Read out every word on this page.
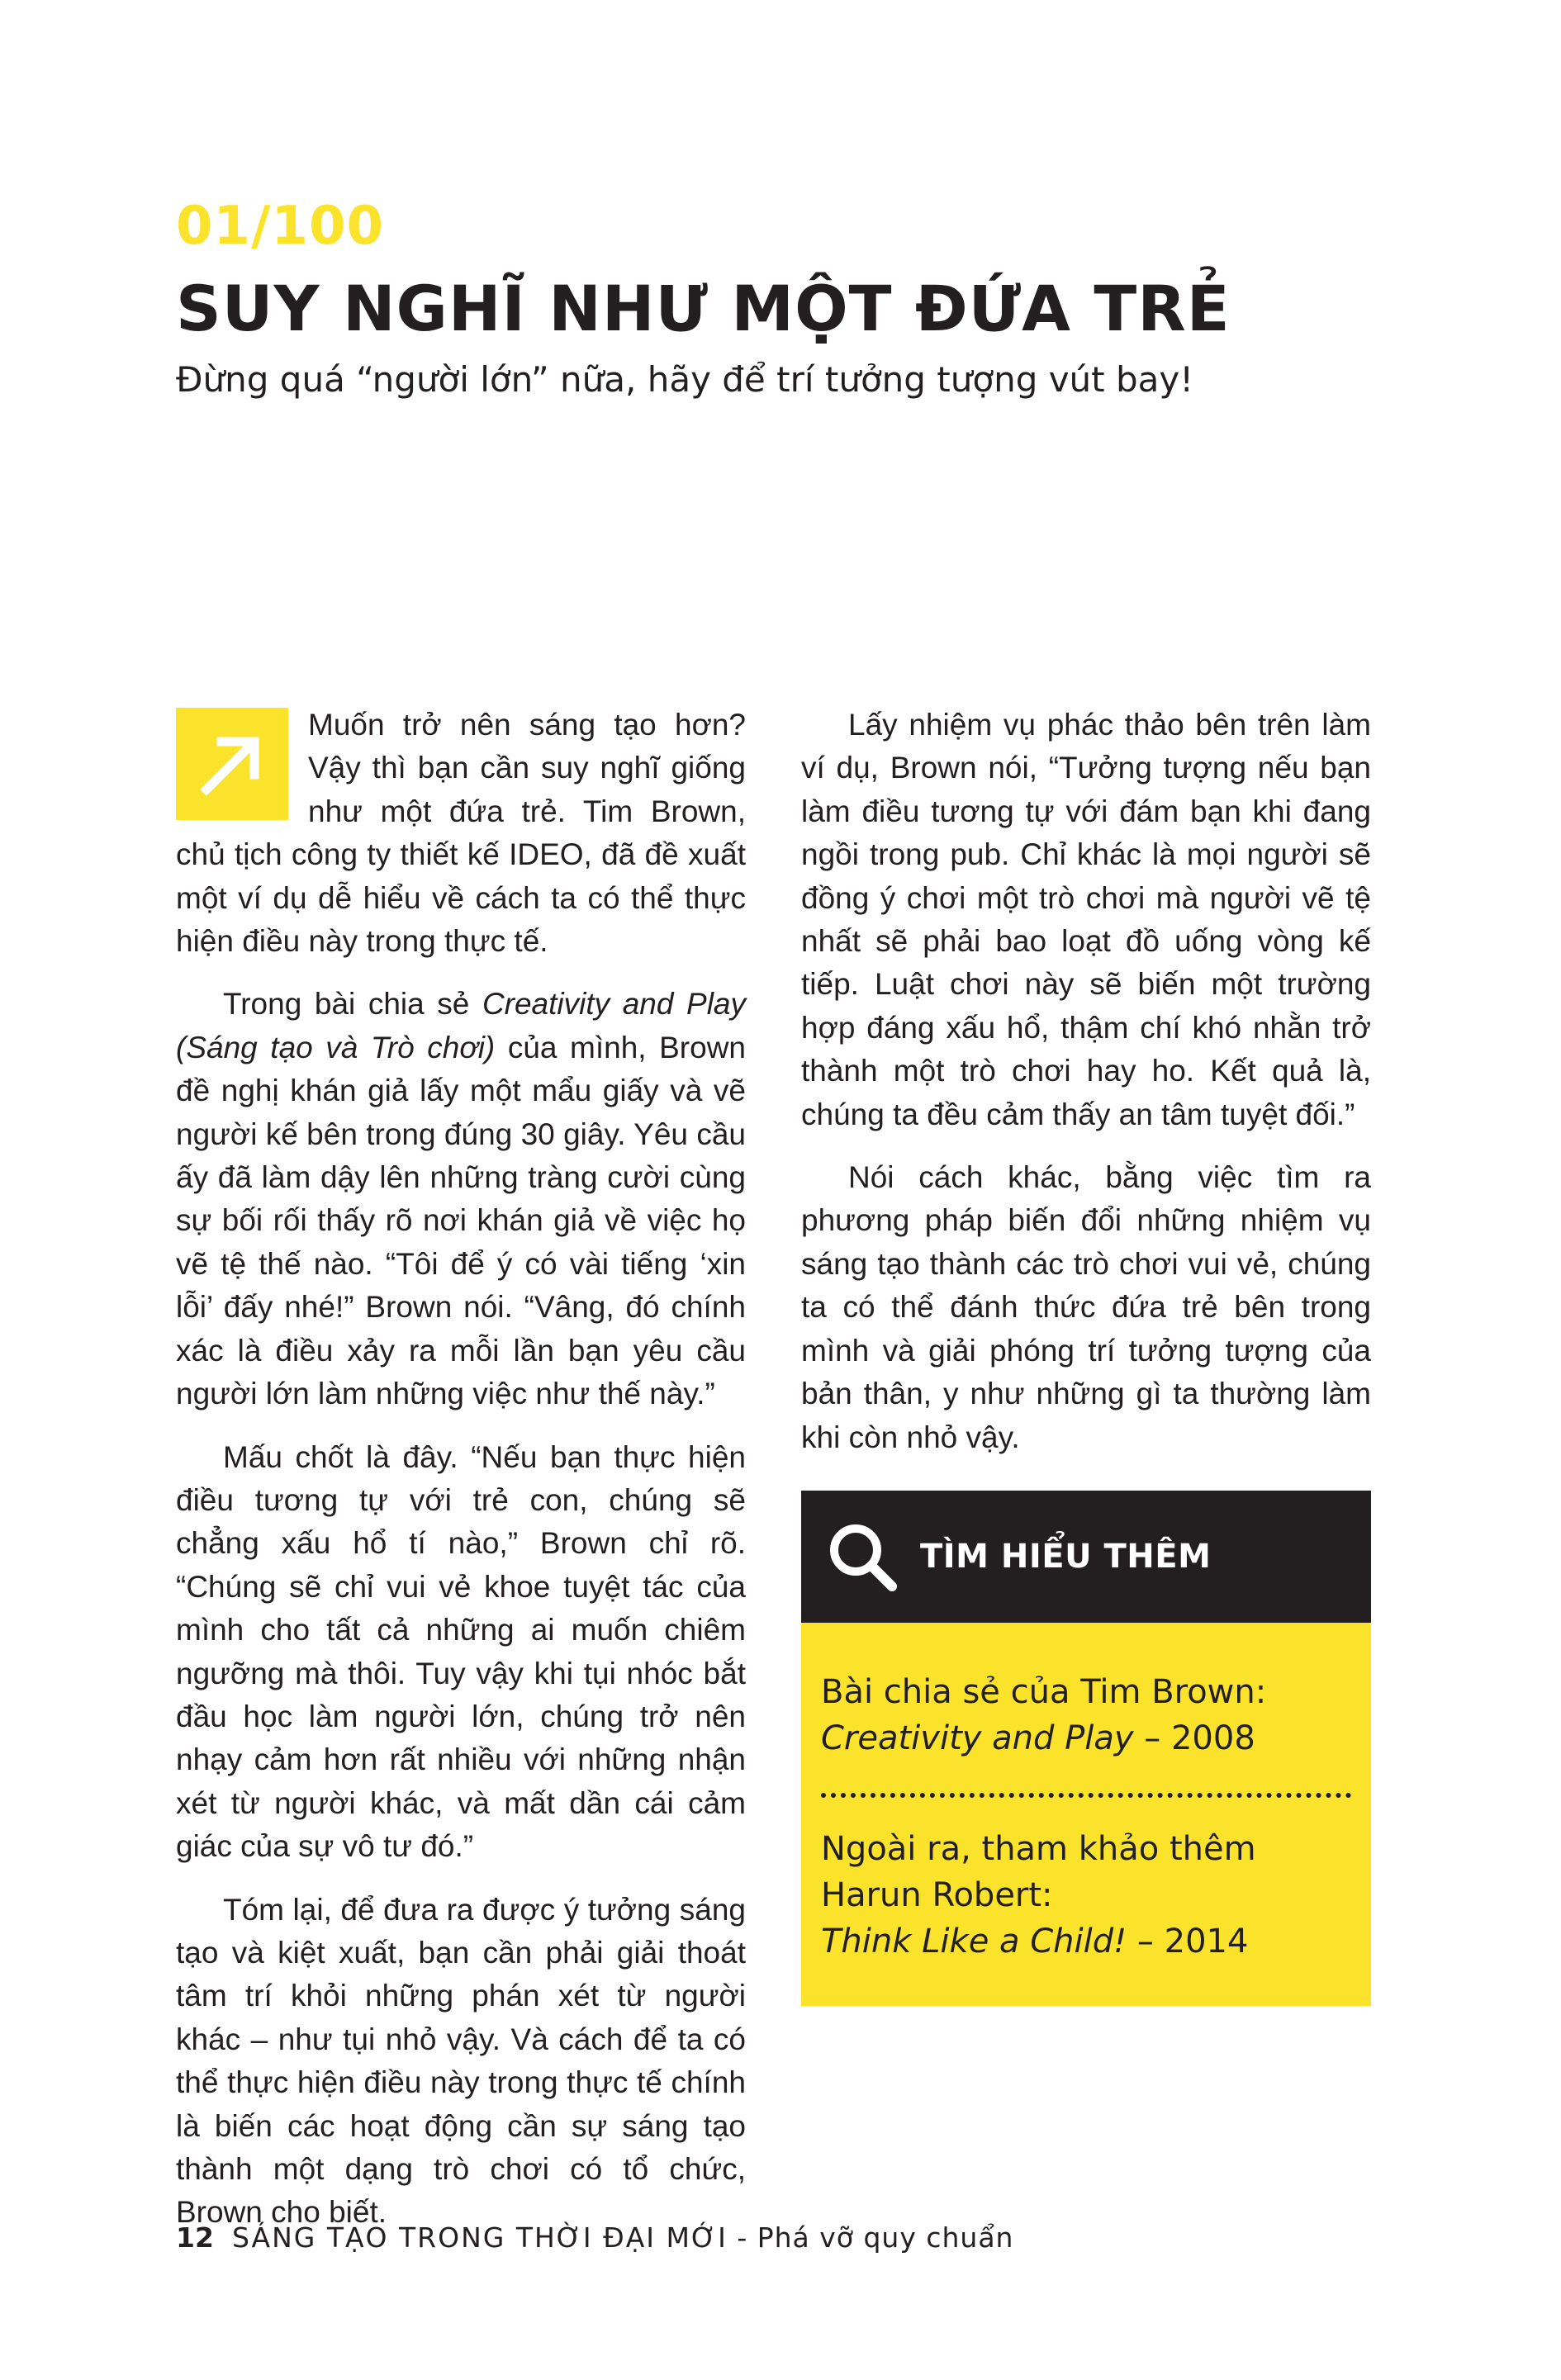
01/100
SUY NGHĨ NHƯ MỘT ĐỨA TRẺ
Đừng quá “người lớn” nữa, hãy để trí tưởng tượng vút bay!

Muốn trở nên sáng tạo hơn? Vậy thì bạn cần suy nghĩ giống như một đứa trẻ. Tim Brown, chủ tịch công ty thiết kế IDEO, đã đề xuất một ví dụ dễ hiểu về cách ta có thể thực hiện điều này trong thực tế.

Trong bài chia sẻ Creativity and Play (Sáng tạo và Trò chơi) của mình, Brown đề nghị khán giả lấy một mẩu giấy và vẽ người kế bên trong đúng 30 giây. Yêu cầu ấy đã làm dậy lên những tràng cười cùng sự bối rối thấy rõ nơi khán giả về việc họ vẽ tệ thế nào. “Tôi để ý có vài tiếng ‘xin lỗi’ đấy nhé!” Brown nói. “Vâng, đó chính xác là điều xảy ra mỗi lần bạn yêu cầu người lớn làm những việc như thế này.”

Mấu chốt là đây. “Nếu bạn thực hiện điều tương tự với trẻ con, chúng sẽ chẳng xấu hổ tí nào,” Brown chỉ rõ. “Chúng sẽ chỉ vui vẻ khoe tuyệt tác của mình cho tất cả những ai muốn chiêm ngưỡng mà thôi. Tuy vậy khi tụi nhóc bắt đầu học làm người lớn, chúng trở nên nhạy cảm hơn rất nhiều với những nhận xét từ người khác, và mất dần cái cảm giác của sự vô tư đó.”

Tóm lại, để đưa ra được ý tưởng sáng tạo và kiệt xuất, bạn cần phải giải thoát tâm trí khỏi những phán xét từ người khác – như tụi nhỏ vậy. Và cách để ta có thể thực hiện điều này trong thực tế chính là biến các hoạt động cần sự sáng tạo thành một dạng trò chơi có tổ chức, Brown cho biết.

Lấy nhiệm vụ phác thảo bên trên làm ví dụ, Brown nói, “Tưởng tượng nếu bạn làm điều tương tự với đám bạn khi đang ngồi trong pub. Chỉ khác là mọi người sẽ đồng ý chơi một trò chơi mà người vẽ tệ nhất sẽ phải bao loạt đồ uống vòng kế tiếp. Luật chơi này sẽ biến một trường hợp đáng xấu hổ, thậm chí khó nhằn trở thành một trò chơi hay ho. Kết quả là, chúng ta đều cảm thấy an tâm tuyệt đối.”

Nói cách khác, bằng việc tìm ra phương pháp biến đổi những nhiệm vụ sáng tạo thành các trò chơi vui vẻ, chúng ta có thể đánh thức đứa trẻ bên trong mình và giải phóng trí tưởng tượng của bản thân, y như những gì ta thường làm khi còn nhỏ vậy.

TÌM HIỂU THÊM
Bài chia sẻ của Tim Brown:
Creativity and Play – 2008
Ngoài ra, tham khảo thêm
Harun Robert:
Think Like a Child! – 2014
12 SÁNG TẠO TRONG THỜI ĐẠI MỚI - Phá vỡ quy chuẩn
